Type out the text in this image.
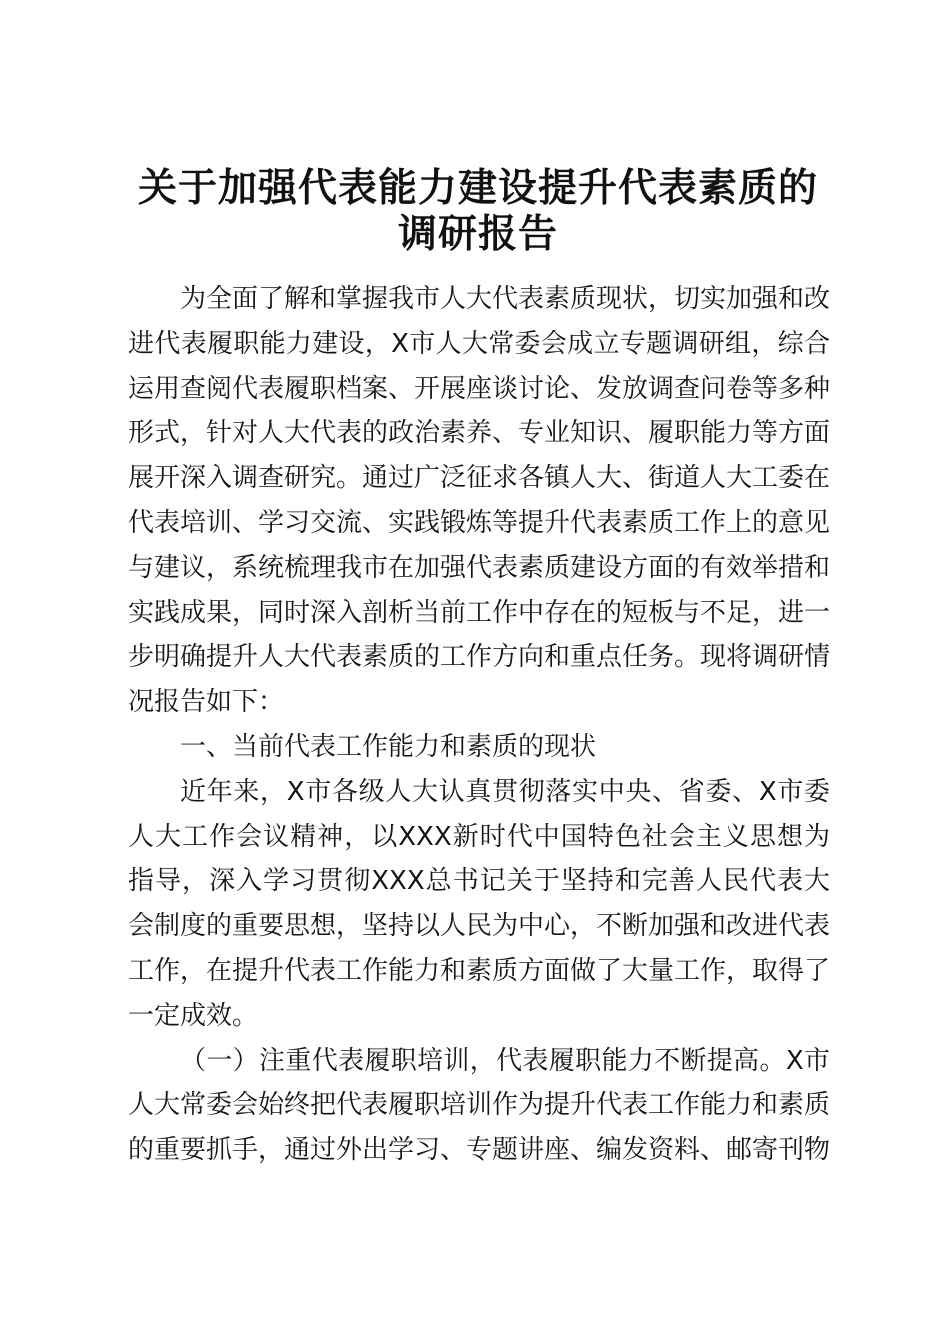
关于加强代表能力建设提升代表素质的
调研报告

为全面了解和掌握我市人大代表素质现状，切实加强和改进代表履职能力建设，X市人大常委会成立专题调研组，综合运用查阅代表履职档案、开展座谈讨论、发放调查问卷等多种形式，针对人大代表的政治素养、专业知识、履职能力等方面展开深入调查研究。通过广泛征求各镇人大、街道人大工委在代表培训、学习交流、实践锻炼等提升代表素质工作上的意见与建议，系统梳理我市在加强代表素质建设方面的有效举措和实践成果，同时深入剖析当前工作中存在的短板与不足，进一步明确提升人大代表素质的工作方向和重点任务。现将调研情况报告如下：

一、当前代表工作能力和素质的现状

近年来，X市各级人大认真贯彻落实中央、省委、X市委人大工作会议精神，以XXX新时代中国特色社会主义思想为指导，深入学习贯彻XXX总书记关于坚持和完善人民代表大会制度的重要思想，坚持以人民为中心，不断加强和改进代表工作，在提升代表工作能力和素质方面做了大量工作，取得了一定成效。

（一）注重代表履职培训，代表履职能力不断提高。X市人大常委会始终把代表履职培训作为提升代表工作能力和素质的重要抓手，通过外出学习、专题讲座、编发资料、邮寄刊物
